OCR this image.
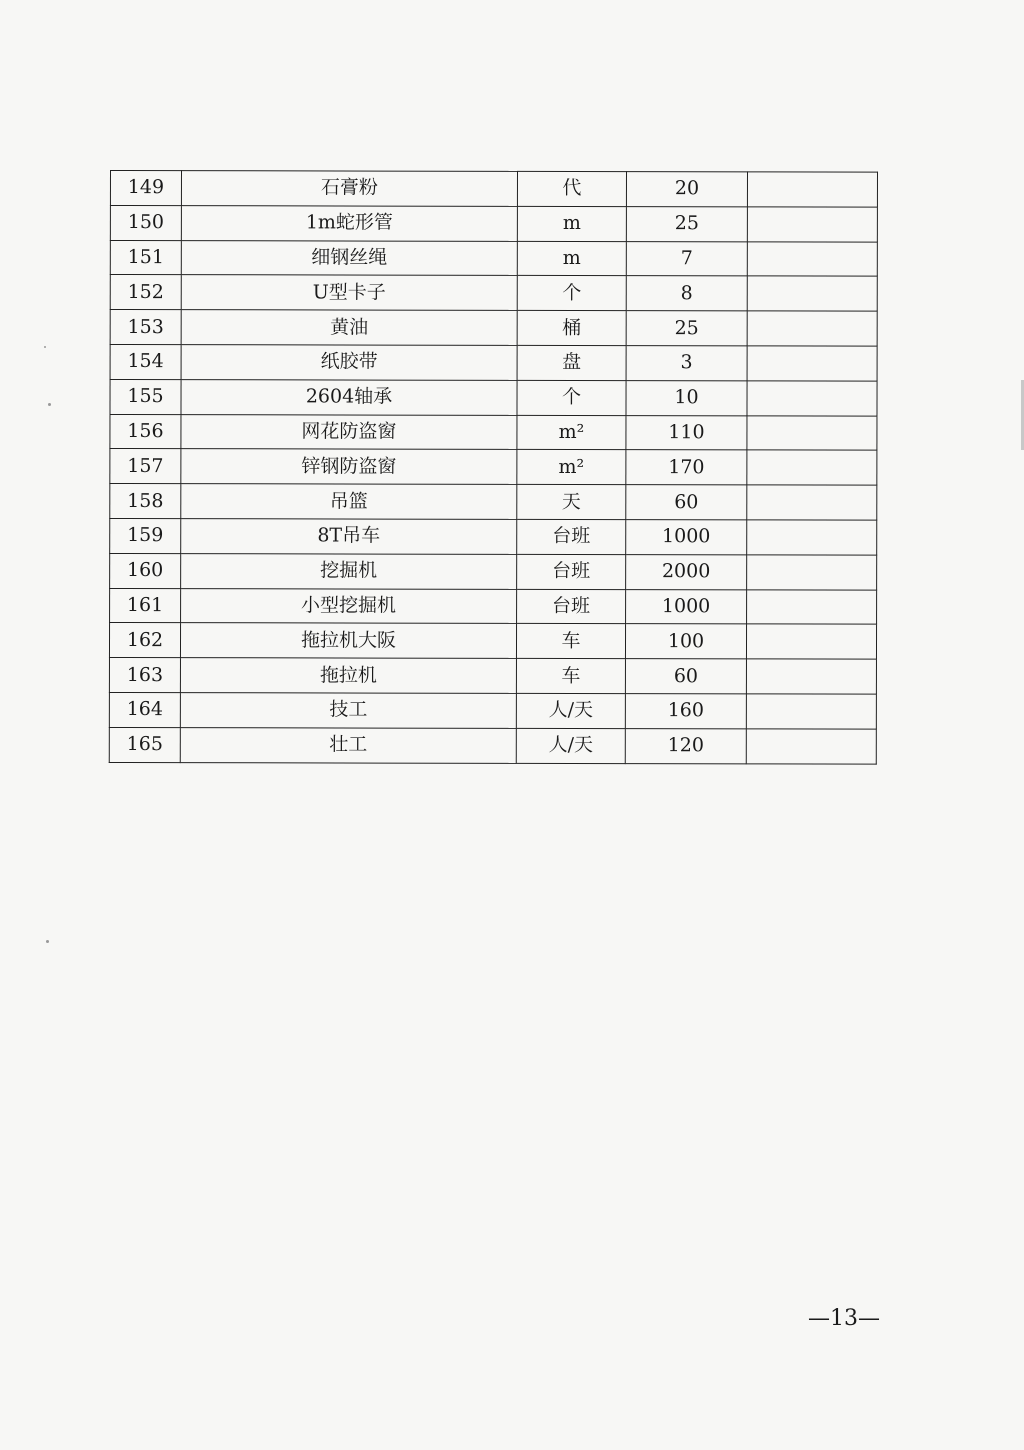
149	石膏粉	代	20	
150	1m蛇形管	m	25	
151	细钢丝绳	m	7	
152	U型卡子	个	8	
153	黄油	桶	25	
154	纸胶带	盘	3	
155	2604轴承	个	10	
156	网花防盗窗	m²	110	
157	锌钢防盗窗	m²	170	
158	吊篮	天	60	
159	8T吊车	台班	1000	
160	挖掘机	台班	2000	
161	小型挖掘机	台班	1000	
162	拖拉机大阪	车	100	
163	拖拉机	车	60	
164	技工	人/天	160	
165	壮工	人/天	120	
—13—
